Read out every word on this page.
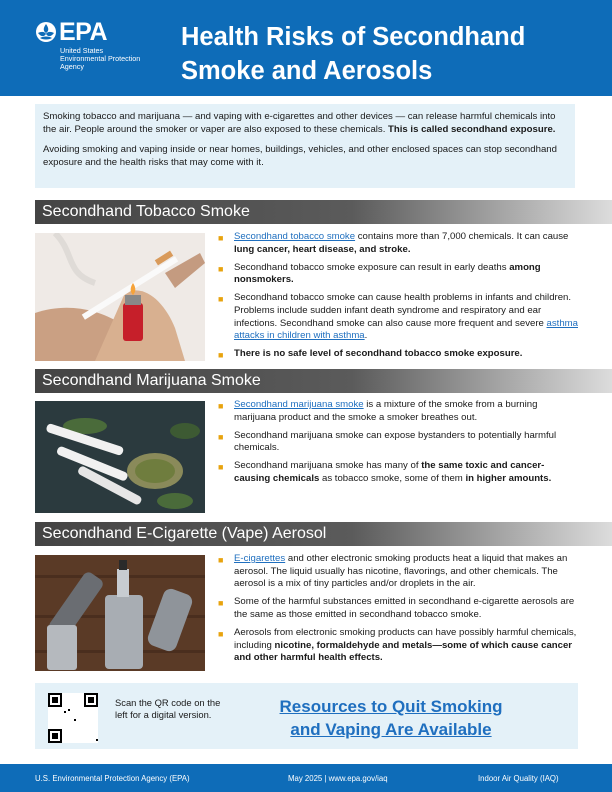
EPA
United States
Environmental Protection
Agency
Health Risks of Secondhand
Smoke and Aerosols

Smoking tobacco and marijuana — and vaping with e-cigarettes and other devices — can release harmful chemicals into the air. People around the smoker or vaper are also exposed to these chemicals. This is called secondhand exposure.

Avoiding smoking and vaping inside or near homes, buildings, vehicles, and other enclosed spaces can stop secondhand exposure and the health risks that may come with it.

Secondhand Tobacco Smoke
■ Secondhand tobacco smoke contains more than 7,000 chemicals. It can cause lung cancer, heart disease, and stroke.
■ Secondhand tobacco smoke exposure can result in early deaths among nonsmokers.
■ Secondhand tobacco smoke can cause health problems in infants and children. Problems include sudden infant death syndrome and respiratory and ear infections. Secondhand smoke can also cause more frequent and severe asthma attacks in children with asthma.
■ There is no safe level of secondhand tobacco smoke exposure.
Secondhand Marijuana Smoke
■ Secondhand marijuana smoke is a mixture of the smoke from a burning marijuana product and the smoke a smoker breathes out.
■ Secondhand marijuana smoke can expose bystanders to potentially harmful chemicals.
■ Secondhand marijuana smoke has many of the same toxic and cancer-causing chemicals as tobacco smoke, some of them in higher amounts.
Secondhand E-Cigarette (Vape) Aerosol
■ E-cigarettes and other electronic smoking products heat a liquid that makes an aerosol. The liquid usually has nicotine, flavorings, and other chemicals. The aerosol is a mix of tiny particles and/or droplets in the air.
■ Some of the harmful substances emitted in secondhand e-cigarette aerosols are the same as those emitted in secondhand tobacco smoke.
■ Aerosols from electronic smoking products can have possibly harmful chemicals, including nicotine, formaldehyde and metals—some of which cause cancer and other harmful health effects.
Scan the QR code on the left for a digital version.	Resources to Quit Smoking
and Vaping Are Available
U.S. Environmental Protection Agency (EPA)	May 2025 | www.epa.gov/iaq	Indoor Air Quality (IAQ)
